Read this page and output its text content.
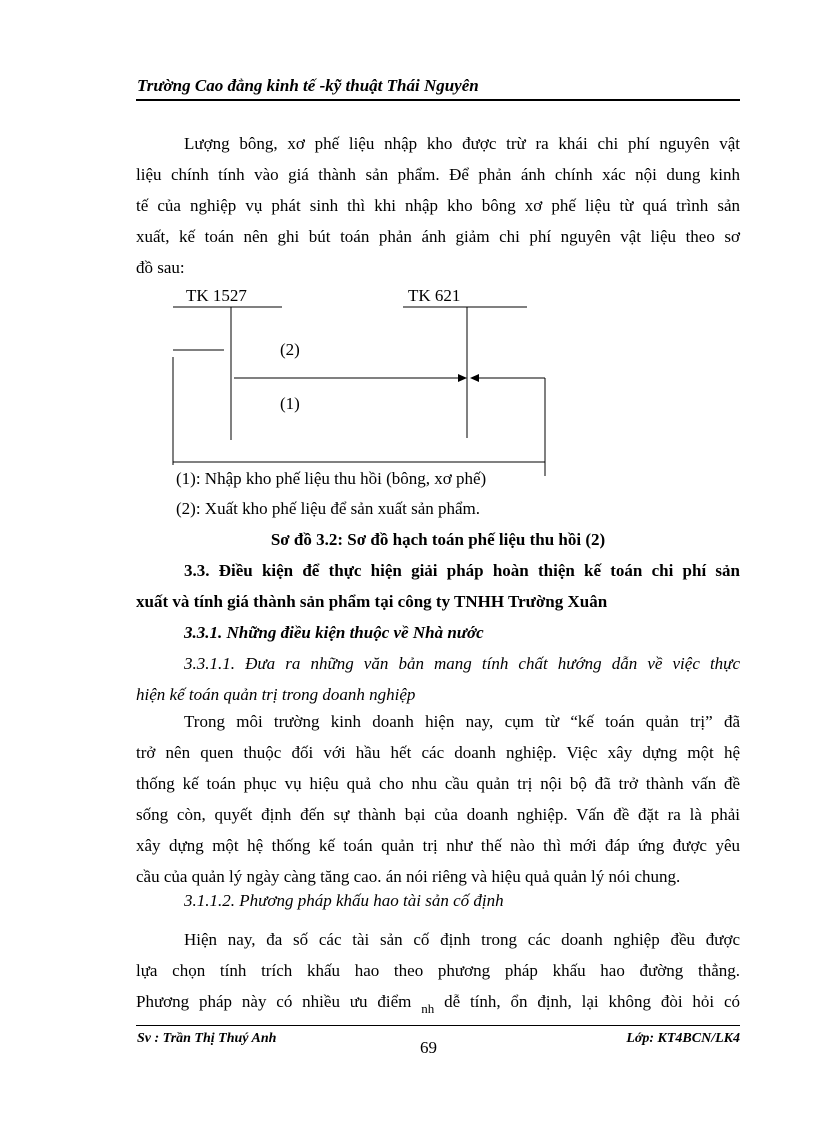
Trường Cao đẳng kinh tế -kỹ thuật Thái Nguyên
Lượng bông, xơ phế liệu nhập kho được trừ ra khái chi phí nguyên vật
liệu chính tính vào giá thành sản phẩm. Để phản ánh chính xác nội dung kinh
tế của nghiệp vụ phát sinh thì khi nhập kho bông xơ phế liệu từ quá trình sản
xuất, kế toán nên ghi bút toán phản ánh giảm chi phí nguyên vật liệu theo sơ
đồ sau:
TK 1527	TK 621
(2)
(1)
(1): Nhập kho phế liệu thu hồi (bông, xơ phế)
(2): Xuất kho phế liệu để sản xuất sản phẩm.
Sơ đồ 3.2: Sơ đồ hạch toán phế liệu thu hồi (2)
3.3. Điều kiện để thực hiện giải pháp hoàn thiện kế toán chi phí sản
xuất và tính giá thành sản phẩm tại công ty TNHH Trường Xuân
3.3.1. Những điều kiện thuộc về Nhà nước
3.3.1.1. Đưa ra những văn bản mang tính chất hướng dẫn về việc thực
hiện kế toán quản trị trong doanh nghiệp
Trong môi trường kinh doanh hiện nay, cụm từ “kế toán quản trị” đã
trở nên quen thuộc đối với hầu hết các doanh nghiệp. Việc xây dựng một hệ
thống kế toán phục vụ hiệu quả cho nhu cầu quản trị nội bộ đã trở thành vấn đề
sống còn, quyết định đến sự thành bại của doanh nghiệp. Vấn đề đặt ra là phải
xây dựng một hệ thống kế toán quản trị như thế nào thì mới đáp ứng được yêu
cầu của quản lý ngày càng tăng cao. án nói riêng và hiệu quả quản lý nói chung.
3.1.1.2. Phương pháp khấu hao tài sản cố định
Hiện nay, đa số các tài sản cố định trong các doanh nghiệp đều được
lựa chọn tính trích khấu hao theo phương pháp khấu hao đường thẳng.
Phương pháp này có nhiều ưu điểm $_{nh}$ dễ tính, ổn định, lại không đòi hỏi có
Sv : Trần Thị Thuý Anh	69	Lớp: KT4BCN/LK4
